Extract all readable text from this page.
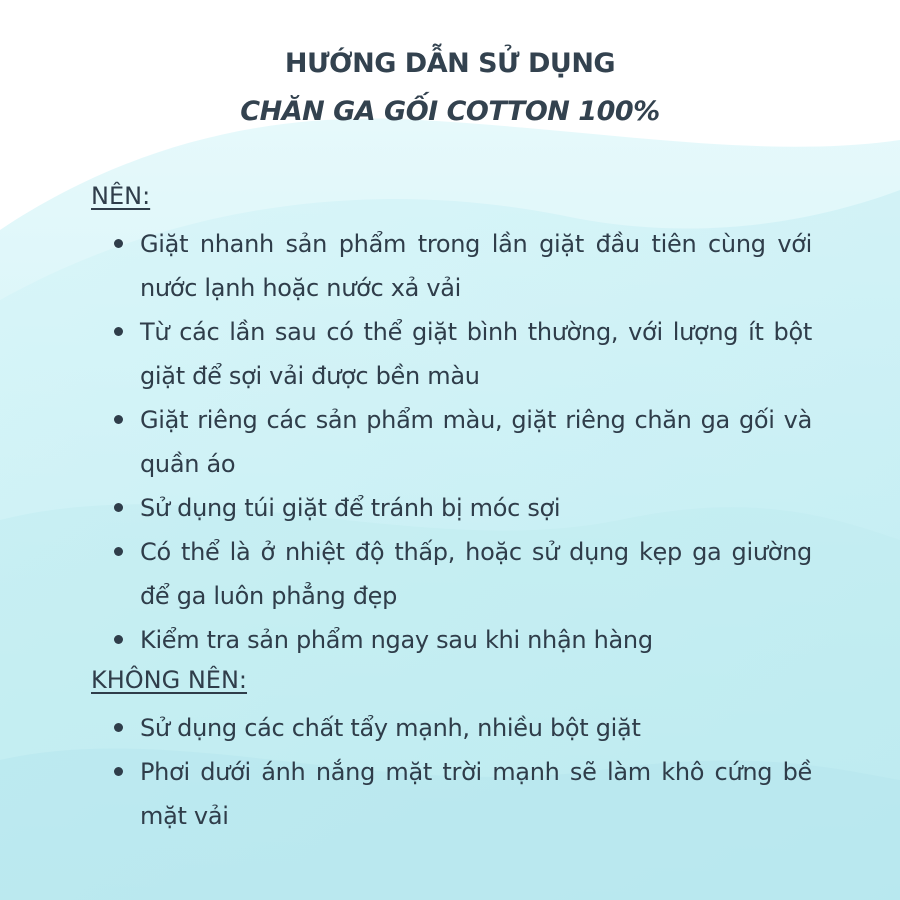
HƯỚNG DẪN SỬ DỤNG
CHĂN GA GỐI COTTON 100%
NÊN:
Giặt nhanh sản phẩm trong lần giặt đầu tiên cùng với nước lạnh hoặc nước xả vải
Từ các lần sau có thể giặt bình thường, với lượng ít bột giặt để sợi vải được bền màu
Giặt riêng các sản phẩm màu, giặt riêng chăn ga gối và quần áo
Sử dụng túi giặt để tránh bị móc sợi
Có thể là ở nhiệt độ thấp, hoặc sử dụng kẹp ga giường để ga luôn phẳng đẹp
Kiểm tra sản phẩm ngay sau khi nhận hàng
KHÔNG NÊN:
Sử dụng các chất tẩy mạnh, nhiều bột giặt
Phơi dưới ánh nắng mặt trời mạnh sẽ làm khô cứng bề mặt vải
